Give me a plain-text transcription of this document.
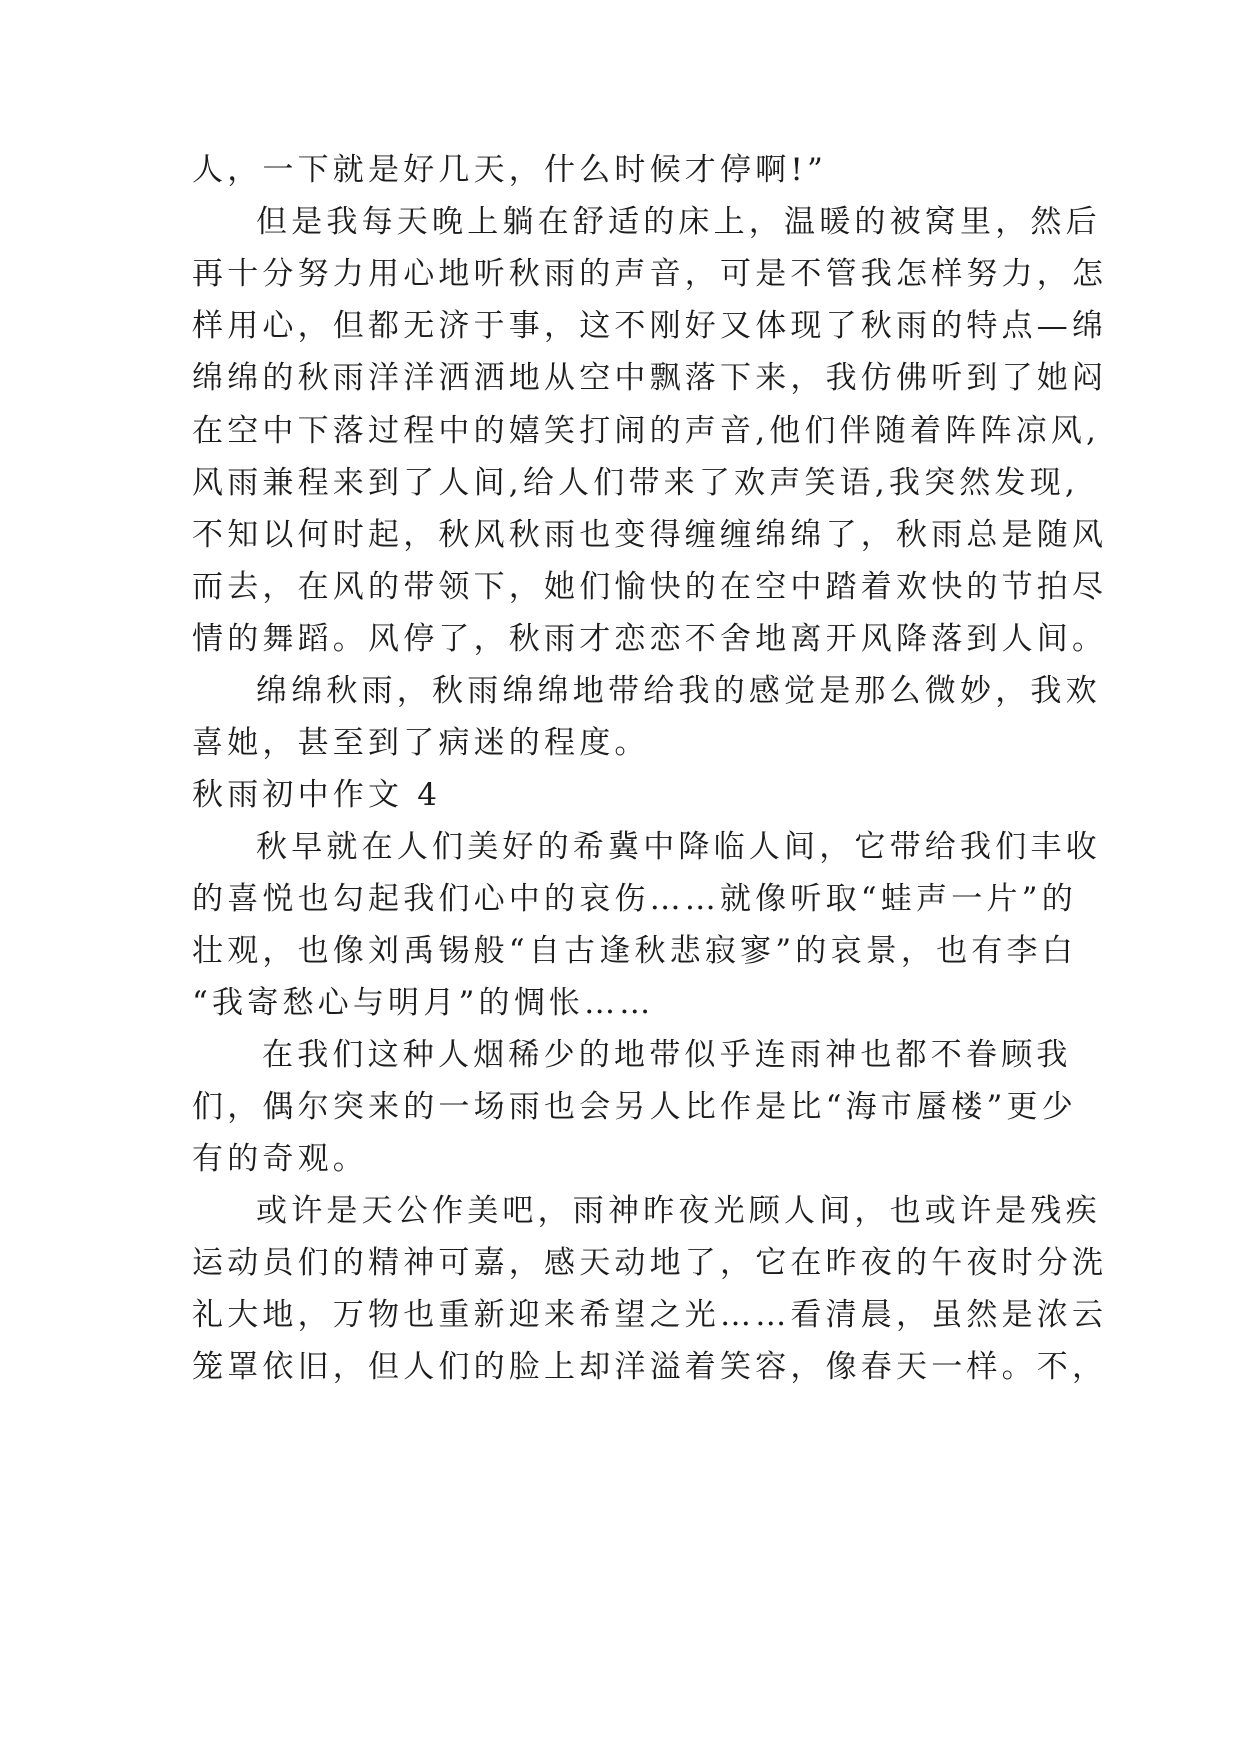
人，一下就是好几天，什么时候才停啊!”
但是我每天晚上躺在舒适的床上，温暖的被窝里，然后
再十分努力用心地听秋雨的声音，可是不管我怎样努力，怎
样用心，但都无济于事，这不刚好又体现了秋雨的特点—绵
绵绵的秋雨洋洋洒洒地从空中飘落下来，我仿佛听到了她闷
在空中下落过程中的嬉笑打闹的声音,他们伴随着阵阵凉风,
风雨兼程来到了人间,给人们带来了欢声笑语,我突然发现,
不知以何时起，秋风秋雨也变得缠缠绵绵了，秋雨总是随风
而去，在风的带领下，她们愉快的在空中踏着欢快的节拍尽
情的舞蹈。风停了，秋雨才恋恋不舍地离开风降落到人间。
绵绵秋雨，秋雨绵绵地带给我的感觉是那么微妙，我欢
喜她，甚至到了病迷的程度。
秋雨初中作文 4
秋早就在人们美好的希冀中降临人间，它带给我们丰收
的喜悦也勾起我们心中的哀伤……就像听取“蛙声一片”的
壮观，也像刘禹锡般“自古逢秋悲寂寥”的哀景，也有李白
“我寄愁心与明月”的惆怅……
在我们这种人烟稀少的地带似乎连雨神也都不眷顾我
们，偶尔突来的一场雨也会另人比作是比“海市蜃楼”更少
有的奇观。
或许是天公作美吧，雨神昨夜光顾人间，也或许是残疾
运动员们的精神可嘉，感天动地了，它在昨夜的午夜时分洗
礼大地，万物也重新迎来希望之光……看清晨，虽然是浓云
笼罩依旧，但人们的脸上却洋溢着笑容，像春天一样。不，
